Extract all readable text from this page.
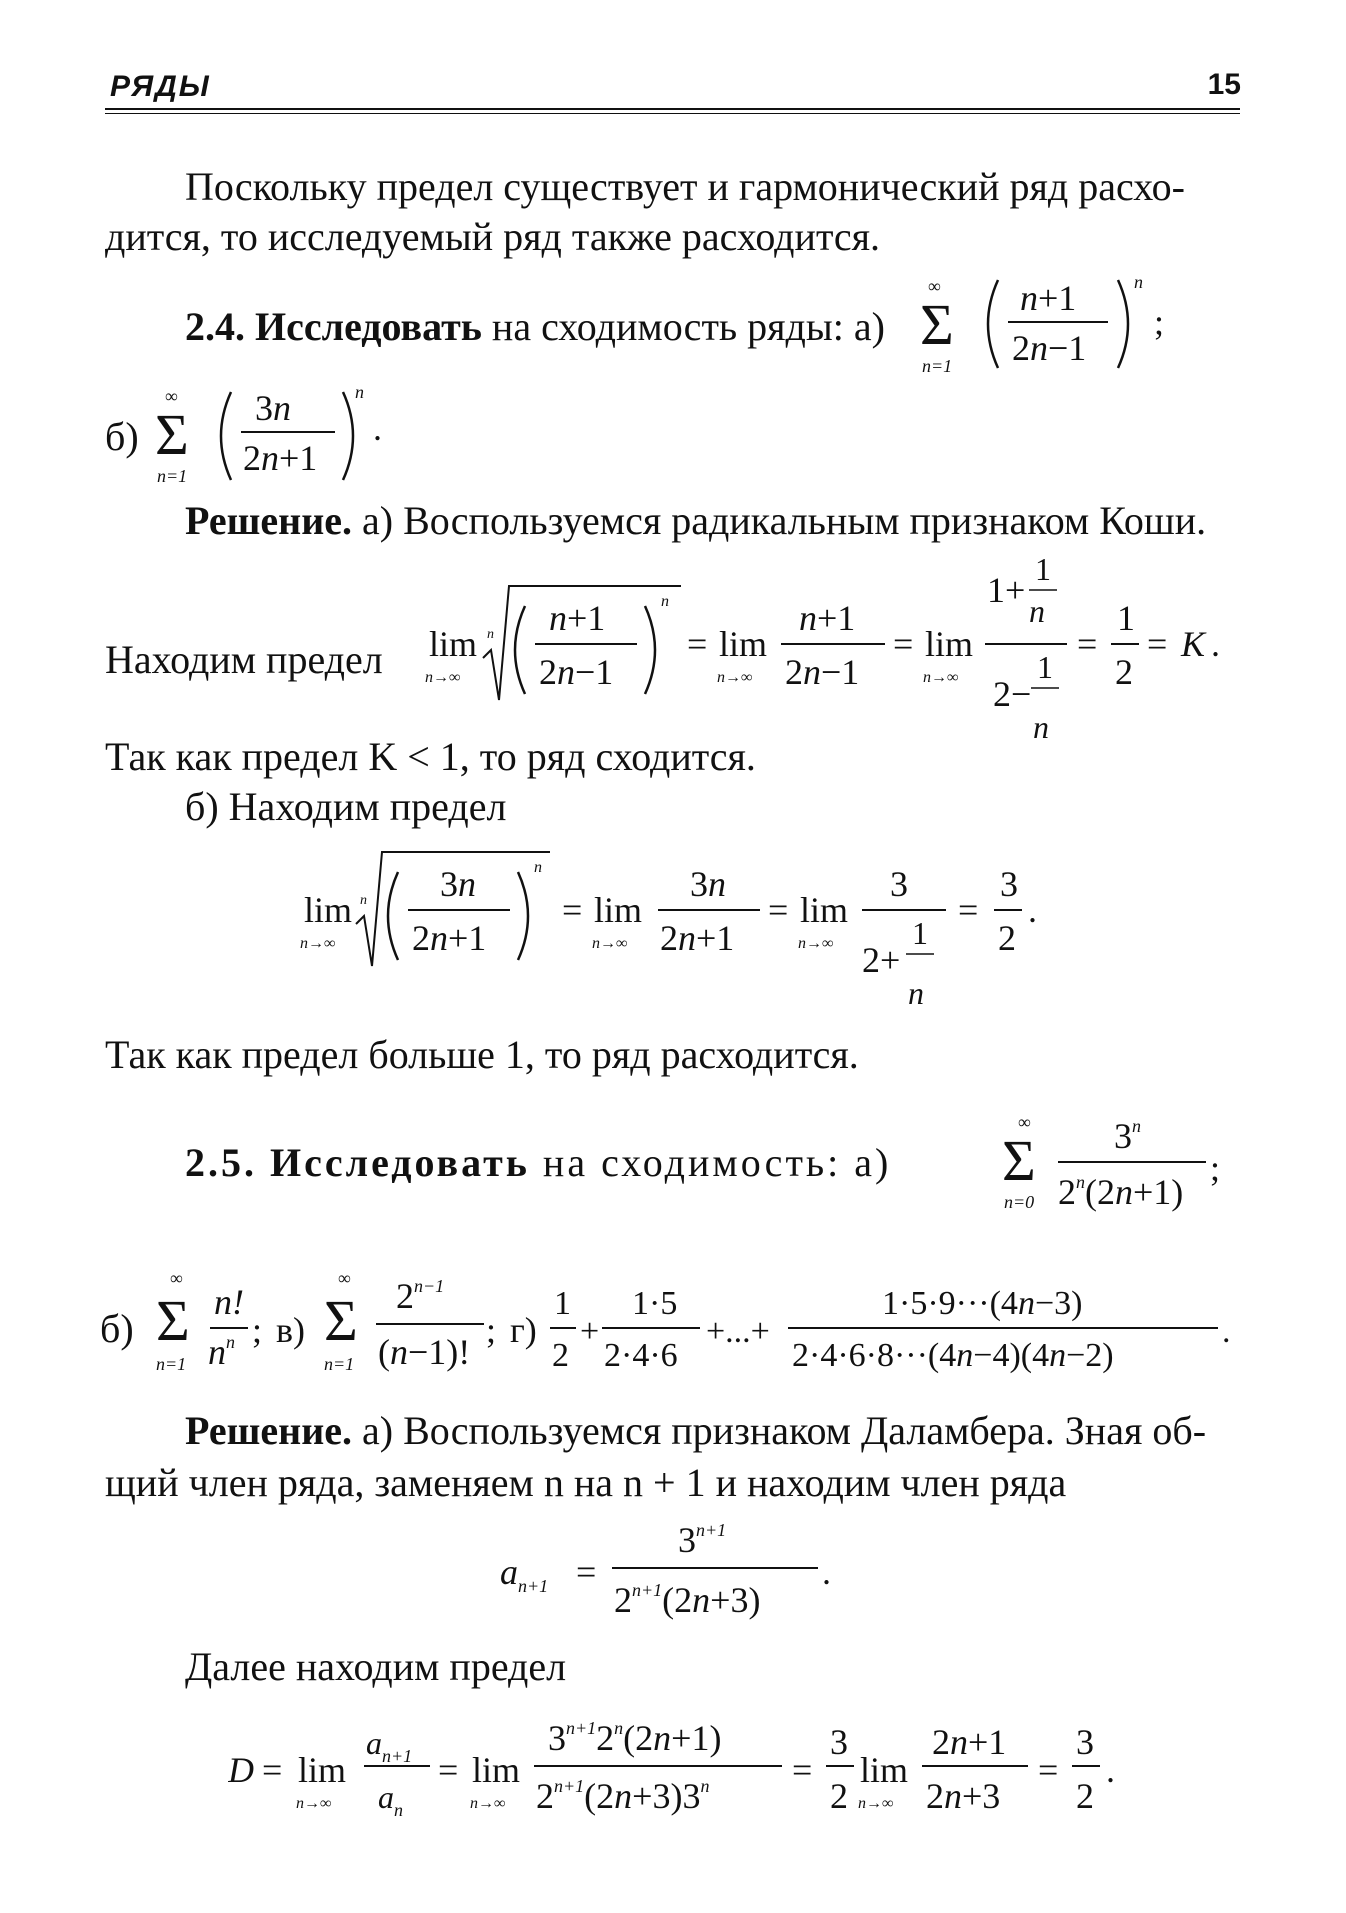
РЯДЫ	15
Поскольку предел существует и гармонический ряд расхо-
дится, то исследуемый ряд также расходится.
2.4. Исследовать на сходимость ряды: а)
∞
Σ
n=1
n+1
2n−1
n
;
б)
∞
Σ
n=1
3n
2n+1
n
.
Решение. а) Воспользуемся радикальным признаком Коши.
Находим предел lim
n→∞
n n+1
2n−1
n
= lim
n→∞
n+1
2n−1
= lim
n→∞
1+
1
n
2−
1
n
=
1
2
= K .
Так как предел K < 1, то ряд сходится.
б) Находим предел
lim
n→∞
n 3n
2n+1
n
= lim
n→∞
3n
2n+1
= lim
n→∞
3
2+
1
n
=
3
2
.
Так как предел больше 1, то ряд расходится.
2.5. Исследовать на сходимость: а)
∞
Σ
n=0
3$^n$
$2^n(2n+1)$
;
б)
∞
Σ
n=1
n!
$n^n$ ; в)
∞
Σ
n=1
$2^{n-1}$
(n−1)!
; г)
1
2
+
1·5
2·4·6
+...+
1·5·9···(4n−3)
2·4·6·8···(4n−4)(4n−2)
.
Решение. а) Воспользуемся признаком Даламбера. Зная об-
щий член ряда, заменяем n на n + 1 и находим член ряда
$a_{n+1}$ =
$3^{n+1}$
$2^{n+1}(2n+3)$
.
Далее находим предел
D = lim
n→∞
$a_{n+1}$
$a_n$
= lim
n→∞
$3^{n+1}2^n(2n+1)$
$2^{n+1}(2n+3)3^n$ =
3
2
lim
n→∞
2n+1
2n+3
=
3
2
.
